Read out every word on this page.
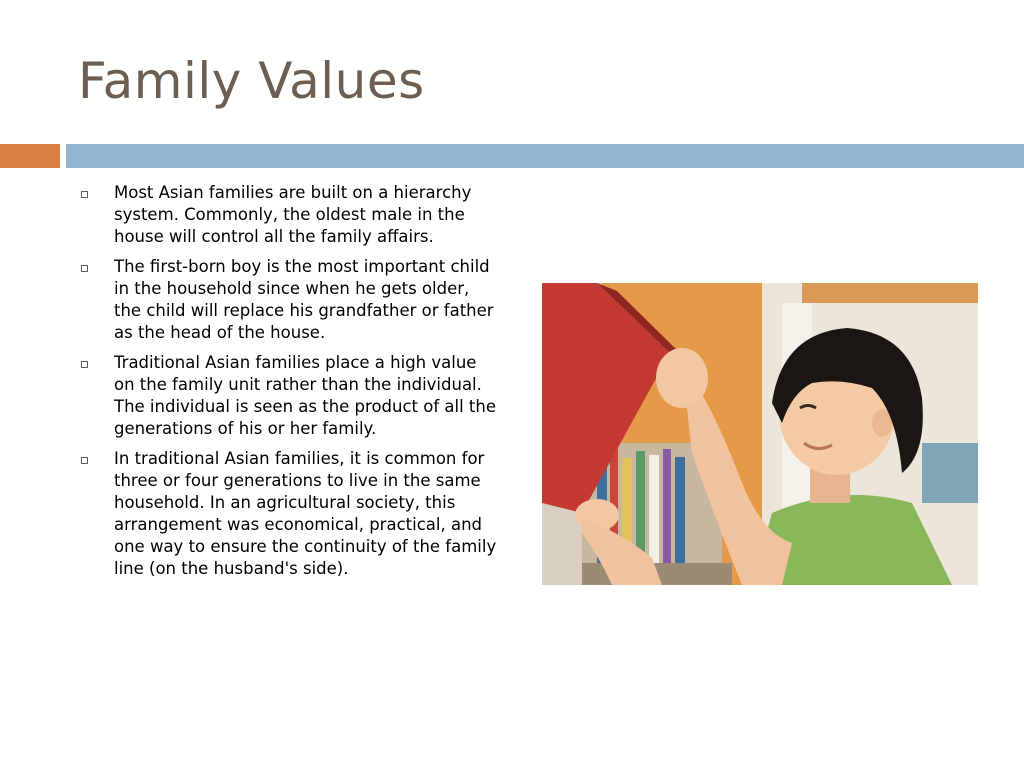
Family Values
Most Asian families are built on a hierarchy system. Commonly, the oldest male in the house will control all the family affairs.
The first-born boy is the most important child in the household since when he gets older, the child will replace his grandfather or father as the head of the house.
Traditional Asian families place a high value on the family unit rather than the individual. The individual is seen as the product of all the generations of his or her family.
In traditional Asian families, it is common for three or four generations to live in the same household. In an agricultural society, this arrangement was economical, practical, and one way to ensure the continuity of the family line (on the husband's side).
